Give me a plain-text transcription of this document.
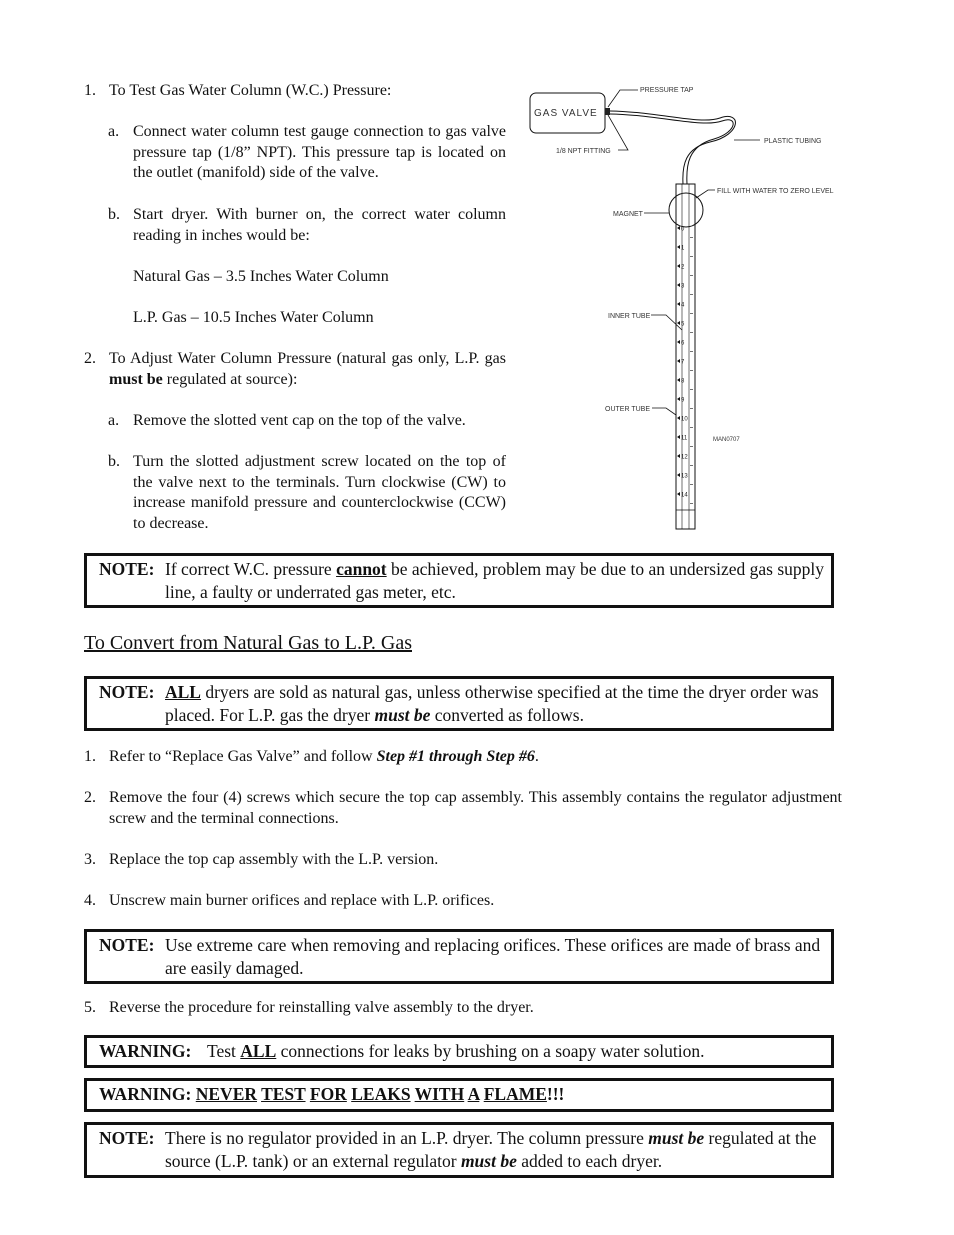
1. To Test Gas Water Column (W.C.) Pressure:
a. Connect water column test gauge connection to gas valve pressure tap (1/8” NPT). This pressure tap is located on the outlet (manifold) side of the valve.
b. Start dryer. With burner on, the correct water column reading in inches would be:
Natural Gas – 3.5 Inches Water Column
L.P. Gas – 10.5 Inches Water Column
2. To Adjust Water Column Pressure (natural gas only, L.P. gas must be regulated at source):
a. Remove the slotted vent cap on the top of the valve.
b. Turn the slotted adjustment screw located on the top of the valve next to the terminals. Turn clockwise (CW) to increase manifold pressure and counterclockwise (CCW) to decrease.
GAS VALVE
PRESSURE TAP
1/8 NPT FITTING
PLASTIC TUBING
FILL WITH WATER TO ZERO LEVEL
MAGNET
INNER TUBE
OUTER TUBE
MAN0707
0
1
2
3
4
5
6
7
8
9
10
11
12
13
14
NOTE: If correct W.C. pressure cannot be achieved, problem may be due to an undersized gas supply line, a faulty or underrated gas meter, etc.
To Convert from Natural Gas to L.P. Gas
NOTE: ALL dryers are sold as natural gas, unless otherwise specified at the time the dryer order was placed. For L.P. gas the dryer must be converted as follows.
1. Refer to “Replace Gas Valve” and follow Step #1 through Step #6.
2. Remove the four (4) screws which secure the top cap assembly. This assembly contains the regulator adjustment screw and the terminal connections.
3. Replace the top cap assembly with the L.P. version.
4. Unscrew main burner orifices and replace with L.P. orifices.
NOTE: Use extreme care when removing and replacing orifices. These orifices are made of brass and are easily damaged.
5. Reverse the procedure for reinstalling valve assembly to the dryer.
WARNING: Test ALL connections for leaks by brushing on a soapy water solution.
WARNING: NEVER TEST FOR LEAKS WITH A FLAME!!!
NOTE: There is no regulator provided in an L.P. dryer. The column pressure must be regulated at the source (L.P. tank) or an external regulator must be added to each dryer.
